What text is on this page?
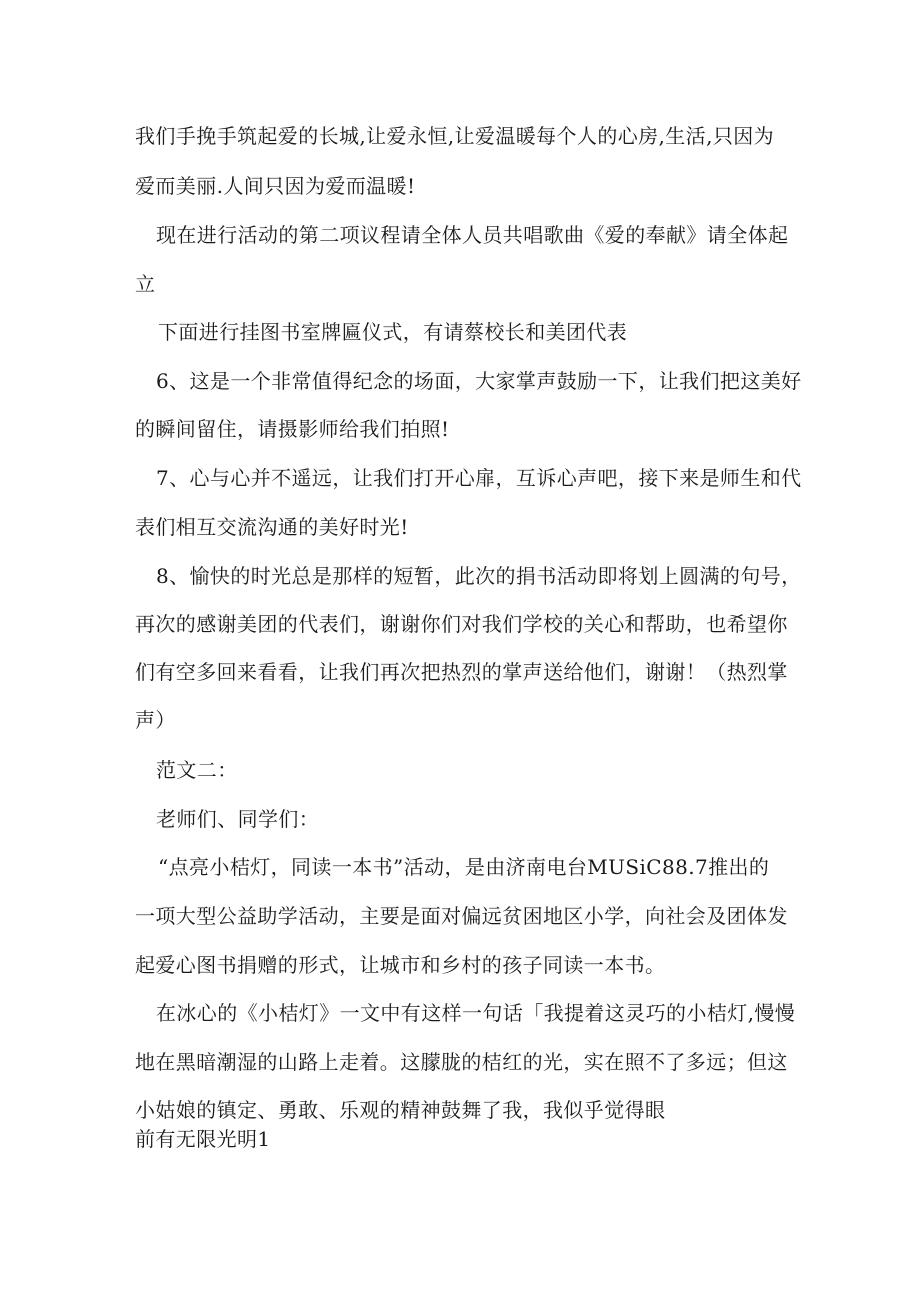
我们手挽手筑起爱的长城,让爱永恒,让爱温暖每个人的心房,生活,只因为
爱而美丽.人间只因为爱而温暖!
现在进行活动的第二项议程请全体人员共唱歌曲《爱的奉献》请全体起
立
下面进行挂图书室牌匾仪式，有请蔡校长和美团代表
6、这是一个非常值得纪念的场面，大家掌声鼓励一下，让我们把这美好
的瞬间留住，请摄影师给我们拍照!
7、心与心并不遥远，让我们打开心扉，互诉心声吧，接下来是师生和代
表们相互交流沟通的美好时光!
8、愉快的时光总是那样的短暂，此次的捐书活动即将划上圆满的句号，
再次的感谢美团的代表们，谢谢你们对我们学校的关心和帮助，也希望你
们有空多回来看看，让我们再次把热烈的掌声送给他们，谢谢！（热烈掌
声）
范文二：
老师们、同学们：
“点亮小桔灯，同读一本书”活动，是由济南电台MUSiC88.7推出的
一项大型公益助学活动，主要是面对偏远贫困地区小学，向社会及团体发
起爱心图书捐赠的形式，让城市和乡村的孩子同读一本书。
在冰心的《小桔灯》一文中有这样一句话「我提着这灵巧的小桔灯,慢慢
地在黑暗潮湿的山路上走着。这朦胧的桔红的光，实在照不了多远；但这
小姑娘的镇定、勇敢、乐观的精神鼓舞了我，我似乎觉得眼
前有无限光明1
